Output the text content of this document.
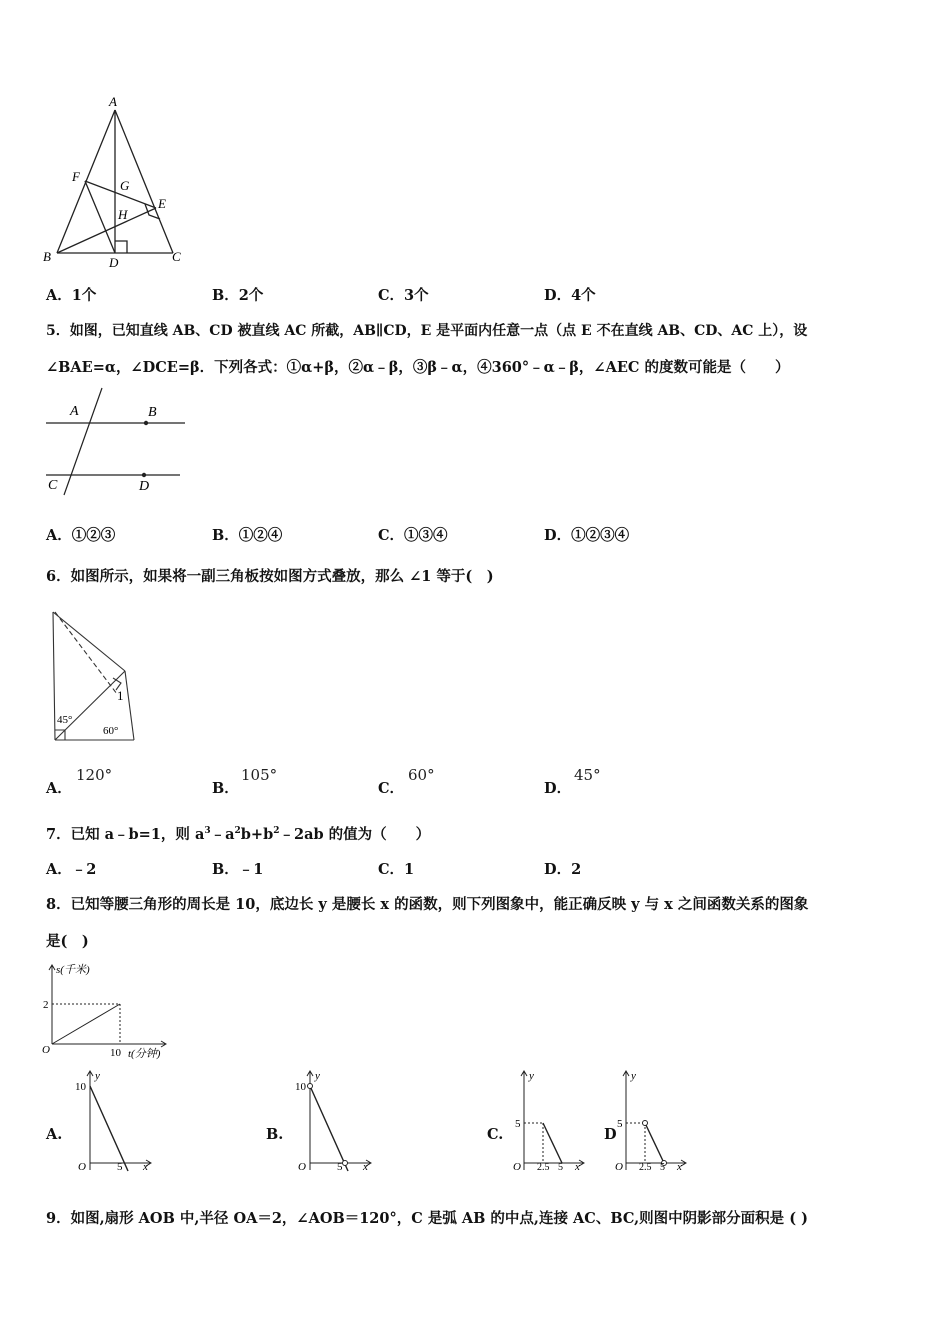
A
F
G
E
H
B	D	C
A．1个	B．2个	C．3个	D．4个
5．如图，已知直线 AB、CD 被直线 AC 所截，AB∥CD，E 是平面内任意一点（点 E 不在直线 AB、CD、AC 上），设
∠BAE=α，∠DCE=β．下列各式：①α+β，②α﹣β，③β﹣α，④360°﹣α﹣β，∠AEC 的度数可能是（　　）
A	B
C	D
A．①②③	B．①②④	C．①③④	D．①②③④
6．如图所示，如果将一副三角板按如图方式叠放，那么 ∠1 等于(　)
1
45°
60°
A．
120°
B．
105°
C．
60°
D．
45°
7．已知 a﹣b=1，则 $a^3﹣a^2b+b^2﹣2ab$ 的值为（　　）
A．﹣2	B．﹣1	C．1	D．2
8．已知等腰三角形的周长是 10，底边长 y 是腰长 x 的函数，则下列图象中，能正确反映 y 与 x 之间函数关系的图象
是(　)
s(千米)
2
O	10 t(分钟)
A.
y
10
O	5 x
B.
y
10
O	5 x
C.
y
5
O 2.5 5 x
D
y
5
O 2.5 5 x
9．如图,扇形 AOB 中,半径 OA＝2，∠AOB＝120°，C 是弧 AB 的中点,连接 AC、BC,则图中阴影部分面积是 ( )
